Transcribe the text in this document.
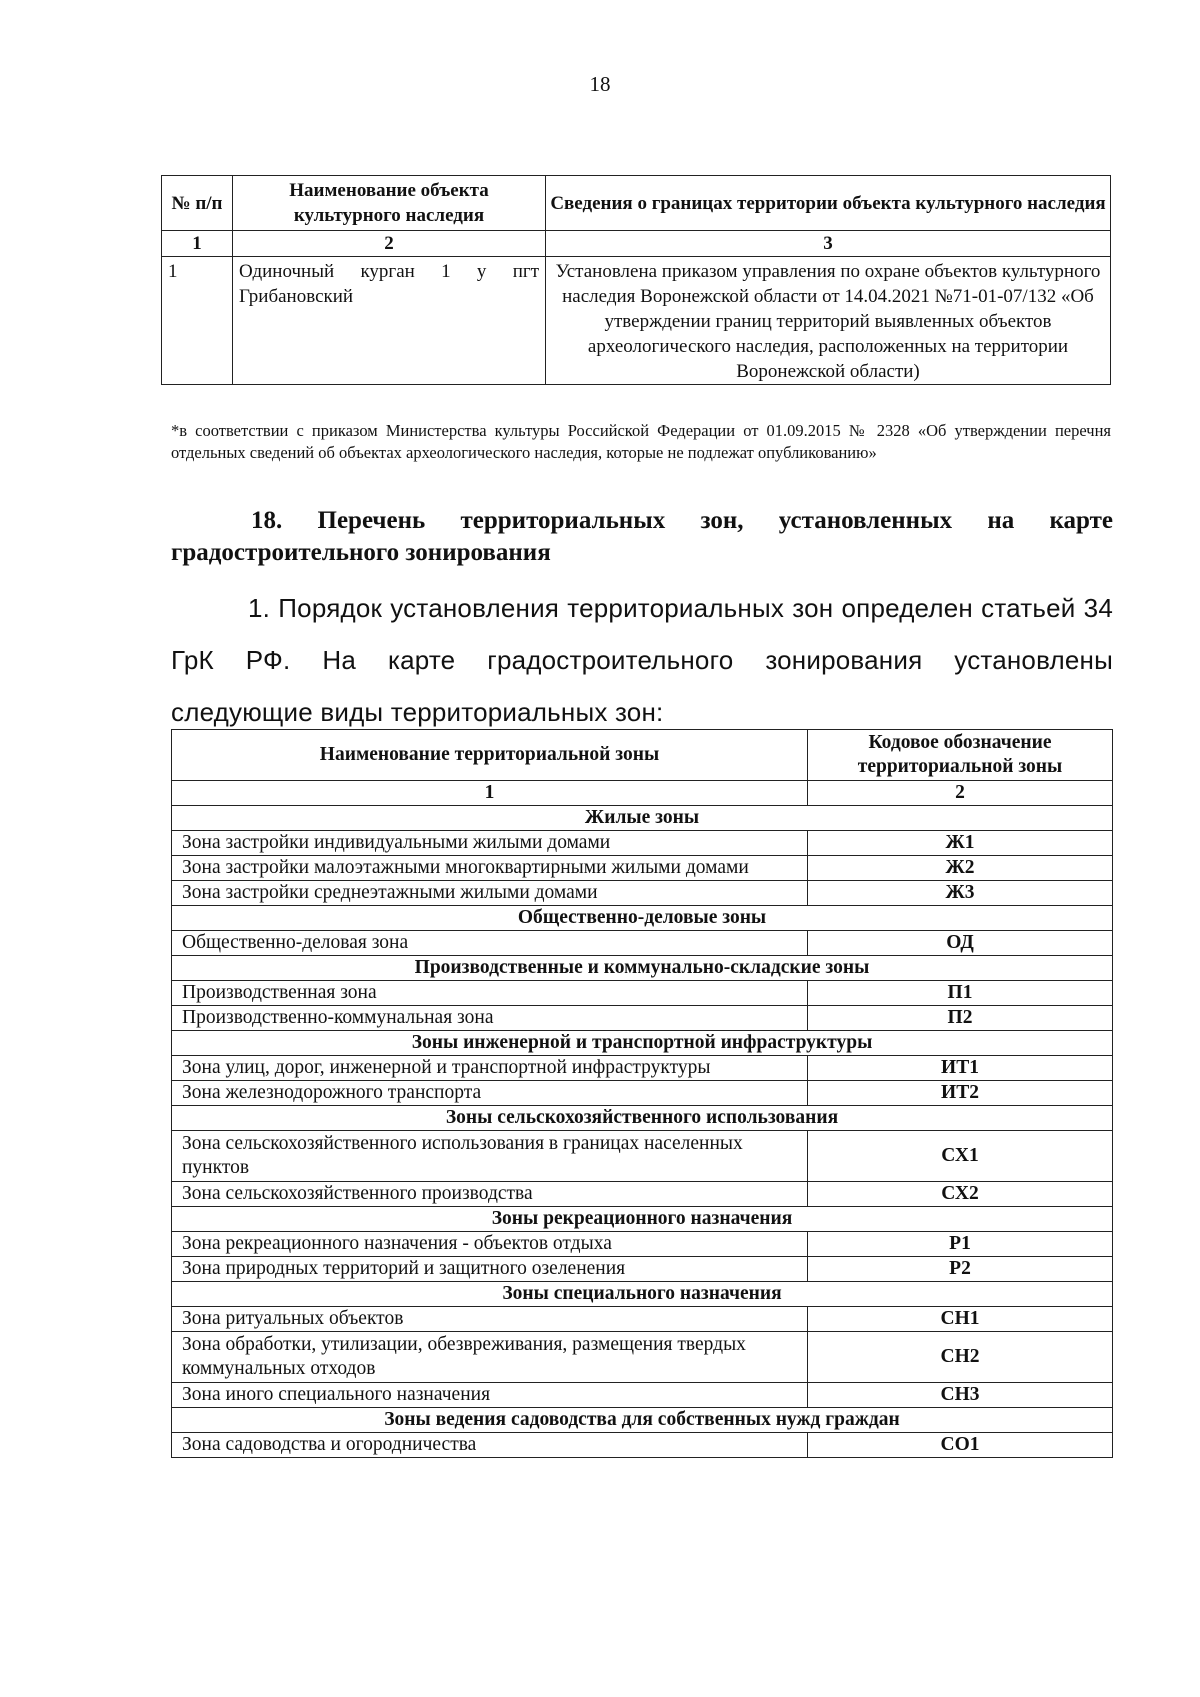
18
№ п/п	Наименование объекта культурного наследия	Сведения о границах территории объекта культурного наследия
1	2	3
1	Одиночный курган 1 у пгт Грибановский	Установлена приказом управления по охране объектов культурного наследия Воронежской области от 14.04.2021 №71-01-07/132 «Об утверждении границ территорий выявленных объектов археологического наследия, расположенных на территории Воронежской области)
*в соответствии с приказом Министерства культуры Российской Федерации от 01.09.2015 № 2328 «Об утверждении перечня отдельных сведений об объектах археологического наследия, которые не подлежат опубликованию»
18. Перечень территориальных зон, установленных на карте градостроительного зонирования
1. Порядок установления территориальных зон определен статьей 34 ГрК РФ. На карте градостроительного зонирования установлены следующие виды территориальных зон:
Наименование территориальной зоны	Кодовое обозначение территориальной зоны
1	2
Жилые зоны	
Зона застройки индивидуальными жилыми домами	Ж1
Зона застройки малоэтажными многоквартирными жилыми домами	Ж2
Зона застройки среднеэтажными жилыми домами	Ж3
Общественно-деловые зоны	
Общественно-деловая зона	ОД
Производственные и коммунально-складские зоны	
Производственная зона	П1
Производственно-коммунальная зона	П2
Зоны инженерной и транспортной инфраструктуры	
Зона улиц, дорог, инженерной и транспортной инфраструктуры	ИТ1
Зона железнодорожного транспорта	ИТ2
Зоны сельскохозяйственного использования	
Зона сельскохозяйственного использования в границах населенных пунктов	СХ1
Зона сельскохозяйственного производства	СХ2
Зоны рекреационного назначения	
Зона рекреационного назначения - объектов отдыха	Р1
Зона природных территорий и защитного озеленения	Р2
Зоны специального назначения	
Зона ритуальных объектов	СН1
Зона обработки, утилизации, обезвреживания, размещения твердых коммунальных отходов	СН2
Зона иного специального назначения	СН3
Зоны ведения садоводства для собственных нужд граждан	
Зона садоводства и огородничества	СО1
